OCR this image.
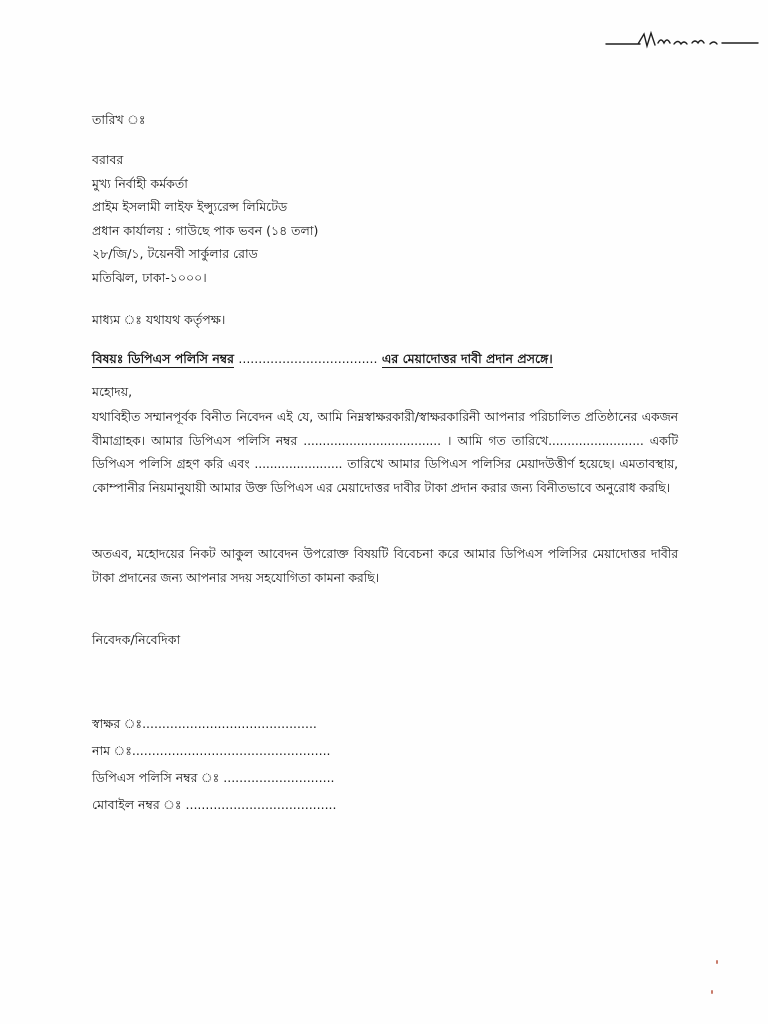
তারিখ ঃ
বরাবর
মুখ্য নির্বাহী কর্মকর্তা
প্রাইম ইসলামী লাইফ ইন্স্যুরেন্স লিমিটেড
প্রধান কার্যালয় : গাউছে পাক ভবন (১৪ তলা)
২৮/জি/১, টয়েনবী সার্কুলার রোড
মতিঝিল, ঢাকা-১০০০।
মাধ্যম ঃ যথাযথ কর্তৃপক্ষ।
বিষয়ঃ ডিপিএস পলিসি নম্বর ................................... এর মেয়াদোত্তর দাবী প্রদান প্রসঙ্গে।
মহোদয়,
যথাবিহীত সম্মানপূর্বক বিনীত নিবেদন এই যে, আমি নিম্নস্বাক্ষরকারী/স্বাক্ষরকারিনী আপনার পরিচালিত প্রতিষ্ঠানের একজন বীমাগ্রাহক। আমার ডিপিএস পলিসি নম্বর .................................... । আমি গত তারিখে......................... একটি ডিপিএস পলিসি গ্রহণ করি এবং ....................... তারিখে আমার ডিপিএস পলিসির মেয়াদউত্তীর্ণ হয়েছে। এমতাবস্থায়, কোম্পানীর নিয়মানুযায়ী আমার উক্ত ডিপিএস এর মেয়াদোত্তর দাবীর টাকা প্রদান করার জন্য বিনীতভাবে অনুরোধ করছি।
অতএব, মহোদয়ের নিকট আকুল আবেদন উপরোক্ত বিষয়টি বিবেচনা করে আমার ডিপিএস পলিসির মেয়াদোত্তর দাবীর টাকা প্রদানের জন্য আপনার সদয় সহযোগিতা কামনা করছি।
নিবেদক/নিবেদিকা
স্বাক্ষর ঃ............................................
নাম ঃ..................................................
ডিপিএস পলিসি নম্বর ঃ ............................
মোবাইল নম্বর ঃ ......................................
